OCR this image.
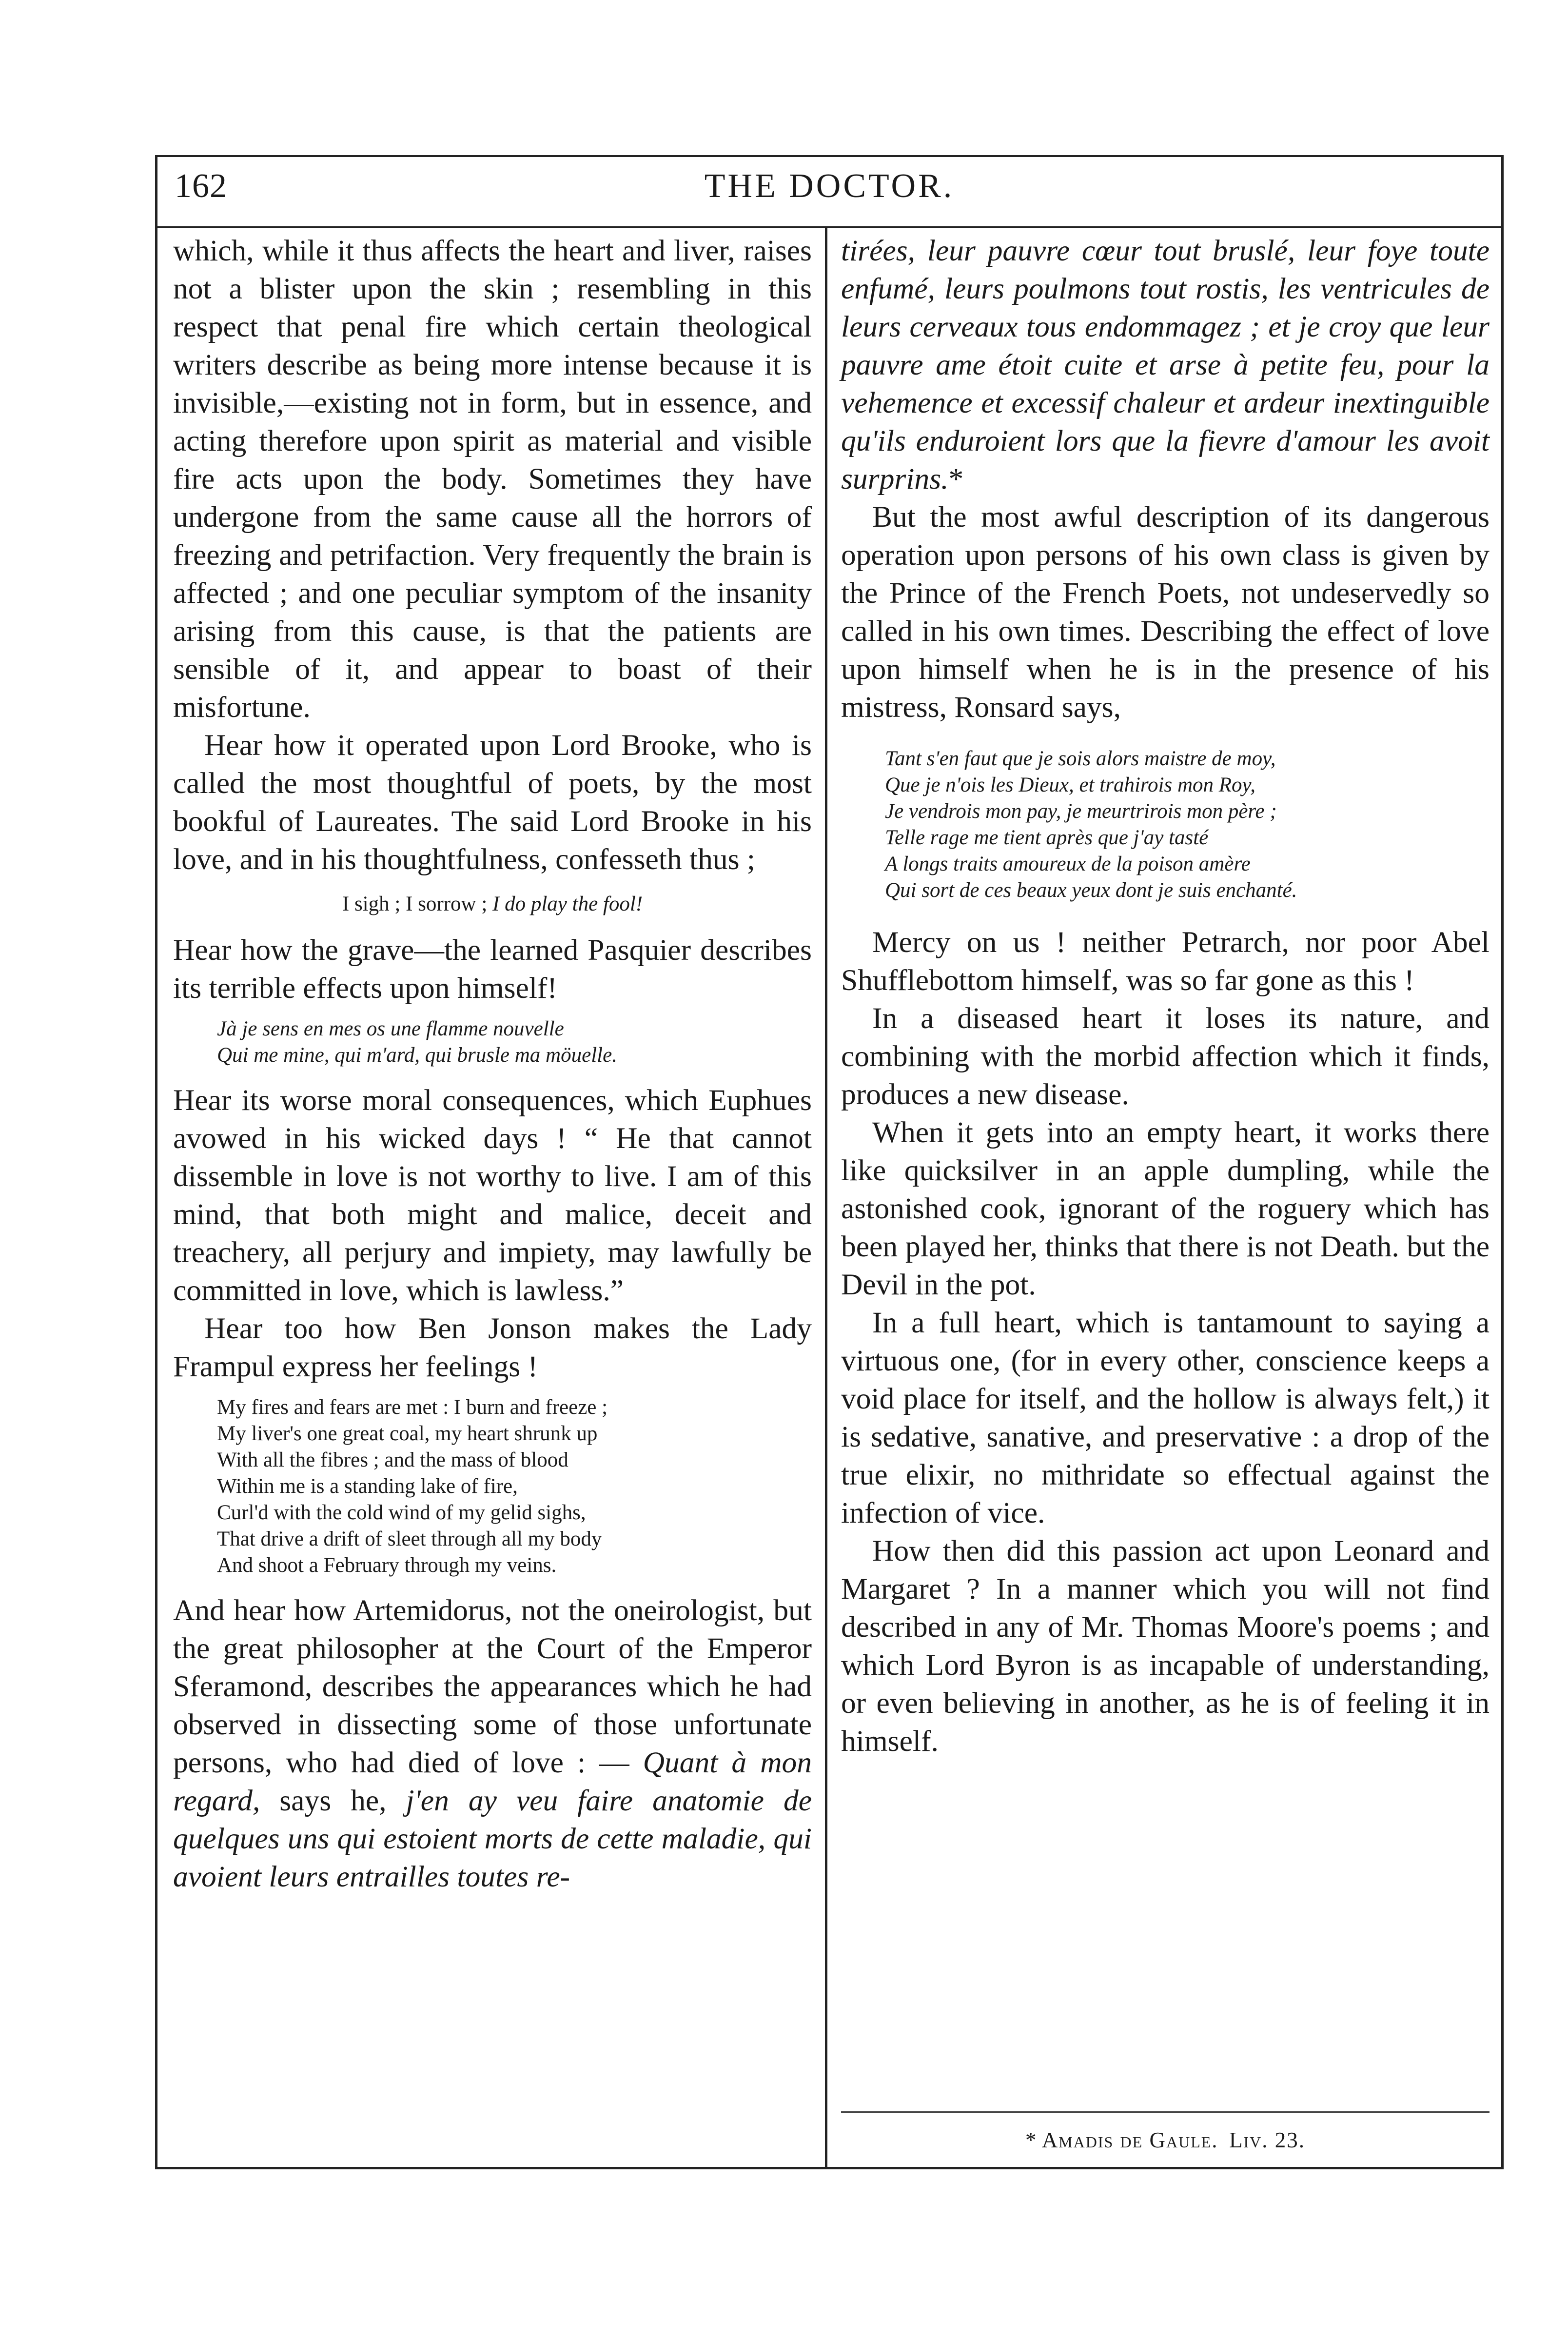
162	THE DOCTOR.

which, while it thus affects the heart and liver, raises not a blister upon the skin ; resembling in this respect that penal fire which certain theological writers describe as being more intense because it is invisible,—existing not in form, but in essence, and acting therefore upon spirit as material and visible fire acts upon the body. Sometimes they have undergone from the same cause all the horrors of freezing and petrifaction. Very frequently the brain is affected ; and one peculiar symptom of the insanity arising from this cause, is that the patients are sensible of it, and appear to boast of their misfortune.

Hear how it operated upon Lord Brooke, who is called the most thoughtful of poets, by the most bookful of Laureates. The said Lord Brooke in his love, and in his thoughtfulness, confesseth thus ;

I sigh ; I sorrow ; I do play the fool!

Hear how the grave—the learned Pasquier describes its terrible effects upon himself!

Jà je sens en mes os une flamme nouvelle
Qui me mine, qui m'ard, qui brusle ma möuelle.

Hear its worse moral consequences, which Euphues avowed in his wicked days ! “ He that cannot dissemble in love is not worthy to live. I am of this mind, that both might and malice, deceit and treachery, all perjury and impiety, may lawfully be committed in love, which is lawless.”

Hear too how Ben Jonson makes the Lady Frampul express her feelings !

My fires and fears are met : I burn and freeze ;
My liver's one great coal, my heart shrunk up
With all the fibres ; and the mass of blood
Within me is a standing lake of fire,
Curl'd with the cold wind of my gelid sighs,
That drive a drift of sleet through all my body
And shoot a February through my veins.

And hear how Artemidorus, not the oneirologist, but the great philosopher at the Court of the Emperor Sferamond, describes the appearances which he had observed in dissecting some of those unfortunate persons, who had died of love : — Quant à mon regard, says he, j'en ay veu faire anatomie de quelques uns qui estoient morts de cette maladie, qui avoient leurs entrailles toutes re-

tirées, leur pauvre cœur tout bruslé, leur foye toute enfumé, leurs poulmons tout rostis, les ventricules de leurs cerveaux tous endommagez ; et je croy que leur pauvre ame étoit cuite et arse à petite feu, pour la vehemence et excessif chaleur et ardeur inextinguible qu'ils enduroient lors que la fievre d'amour les avoit surprins.*

But the most awful description of its dangerous operation upon persons of his own class is given by the Prince of the French Poets, not undeservedly so called in his own times. Describing the effect of love upon himself when he is in the presence of his mistress, Ronsard says,

Tant s'en faut que je sois alors maistre de moy,
Que je n'ois les Dieux, et trahirois mon Roy,
Je vendrois mon pay, je meurtrirois mon père ;
Telle rage me tient après que j'ay tasté
A longs traits amoureux de la poison amère
Qui sort de ces beaux yeux dont je suis enchanté.

Mercy on us ! neither Petrarch, nor poor Abel Shufflebottom himself, was so far gone as this !

In a diseased heart it loses its nature, and combining with the morbid affection which it finds, produces a new disease.

When it gets into an empty heart, it works there like quicksilver in an apple dumpling, while the astonished cook, ignorant of the roguery which has been played her, thinks that there is not Death. but the Devil in the pot.

In a full heart, which is tantamount to saying a virtuous one, (for in every other, conscience keeps a void place for itself, and the hollow is always felt,) it is sedative, sanative, and preservative : a drop of the true elixir, no mithridate so effectual against the infection of vice.

How then did this passion act upon Leonard and Margaret ? In a manner which you will not find described in any of Mr. Thomas Moore's poems ; and which Lord Byron is as incapable of understanding, or even believing in another, as he is of feeling it in himself.

* Amadis de Gaule. Liv. 23.
